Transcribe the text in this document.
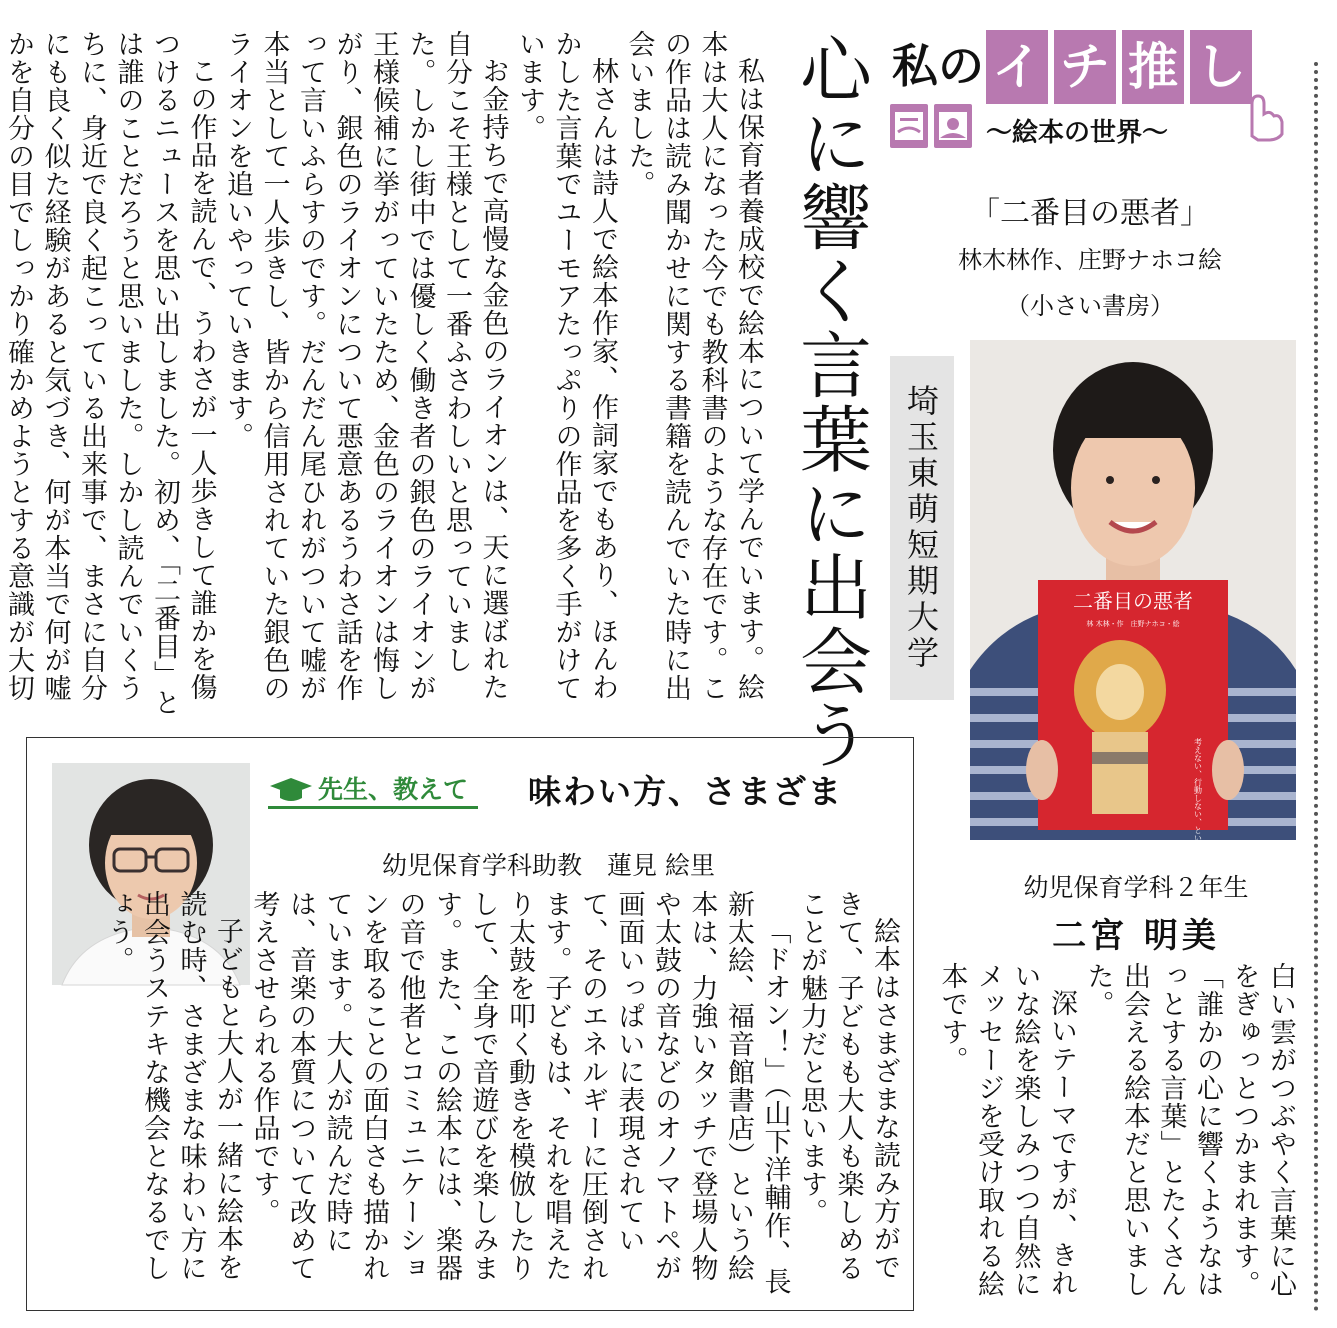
私の イ チ 推 し
～絵本の世界～
「二番目の悪者」
林木林作、庄野ナホコ絵
（小さい書房）
埼玉東萌短期大学	二番目の悪者
林 木林・作　庄野ナホコ・絵
考えない、行動しない、という罪
幼児保育学科２年生
二宮 明美
心に響く言葉に出会う

私は保育者養成校で絵本について学んでいます。絵本は大人になった今でも教科書のような存在です。この作品は読み聞かせに関する書籍を読んでいた時に出会いました。

林さんは詩人で絵本作家、作詞家でもあり、ほんわかした言葉でユーモアたっぷりの作品を多く手がけています。

お金持ちで高慢な金色のライオンは、天に選ばれた自分こそ王様として一番ふさわしいと思っていました。しかし街中では優しく働き者の銀色のライオンが王様候補に挙がっていたため、金色のライオンは悔しがり、銀色のライオンについて悪意あるうわさ話を作って言いふらすのです。だんだん尾ひれがついて嘘が本当として一人歩きし、皆から信用されていた銀色のライオンを追いやっていきます。

この作品を読んで、うわさが一人歩きして誰かを傷つけるニュースを思い出しました。初め、「二番目」とは誰のことだろうと思いました。しかし読んでいくうちに、身近で良く起こっている出来事で、まさに自分にも良く似た経験があると気づき、何が本当で何が嘘かを自分の目でしっかり確かめようとする意識が大切

白い雲がつぶやく言葉に心をぎゅっとつかまれます。「誰かの心に響くようなはっとする言葉」とたくさん出会える絵本だと思いました。

深いテーマですが、きれいな絵を楽しみつつ自然にメッセージを受け取れる絵本です。

先生、教えて 味わい方、さまざま
幼児保育学科助教　蓮見 絵里

絵本はさまざまな読み方ができて、子どもも大人も楽しめることが魅力だと思います。

「ドオン！」（山下洋輔作、長新太絵、福音館書店）という絵本は、力強いタッチで登場人物や太鼓の音などのオノマトペが画面いっぱいに表現されていて、そのエネルギーに圧倒されます。子どもは、それを唱えたり太鼓を叩く動きを模倣したりして、全身で音遊びを楽しみます。また、この絵本には、楽器の音で他者とコミュニケーションを取ることの面白さも描かれています。大人が読んだ時には、音楽の本質について改めて考えさせられる作品です。

子どもと大人が一緒に絵本を読む時、さまざまな味わい方に出会うステキな機会となるでしょう。
